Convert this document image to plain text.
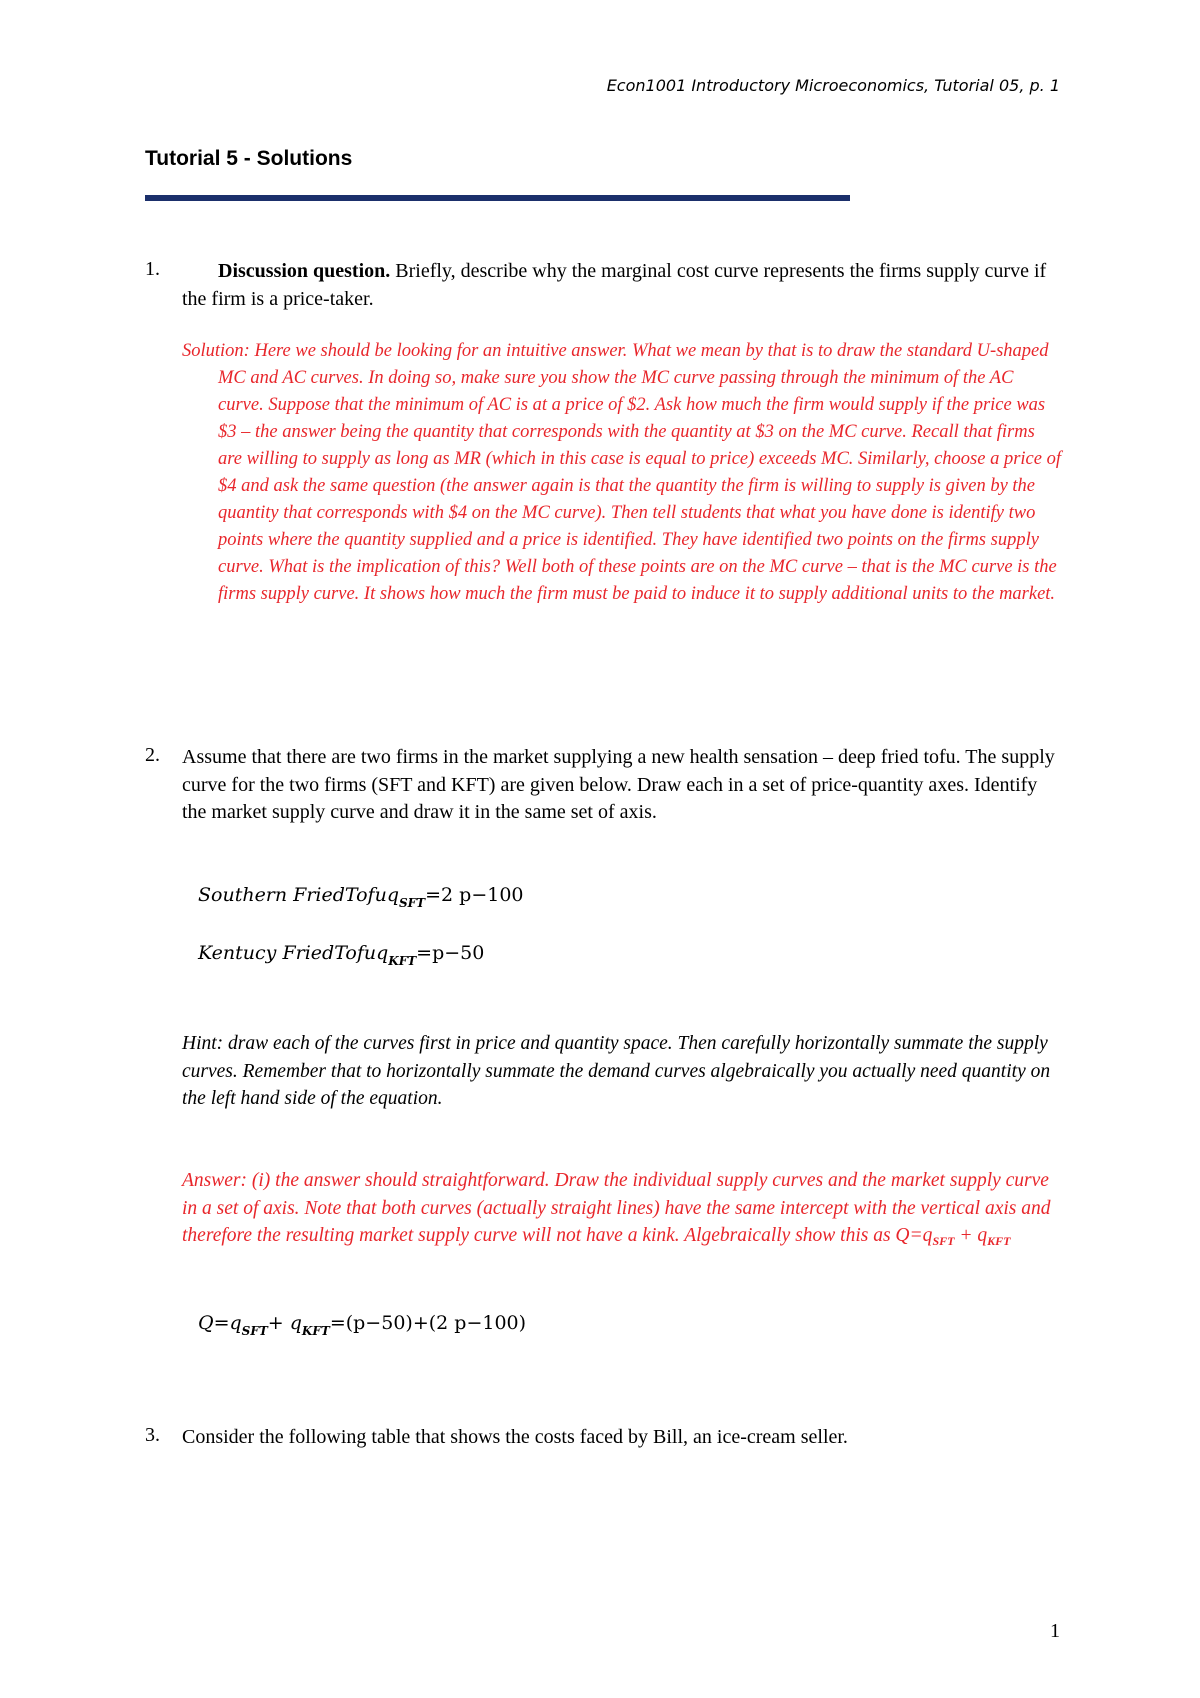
Econ1001 Introductory Microeconomics, Tutorial 05, p. 1
Tutorial 5 - Solutions
1.	Discussion question. Briefly, describe why the marginal cost curve represents the firms supply curve if the firm is a price-taker.
Solution: Here we should be looking for an intuitive answer. What we mean by that is to draw the standard U-shaped MC and AC curves. In doing so, make sure you show the MC curve passing through the minimum of the AC curve. Suppose that the minimum of AC is at a price of $2. Ask how much the firm would supply if the price was $3 – the answer being the quantity that corresponds with the quantity at $3 on the MC curve. Recall that firms are willing to supply as long as MR (which in this case is equal to price) exceeds MC. Similarly, choose a price of $4 and ask the same question (the answer again is that the quantity the firm is willing to supply is given by the quantity that corresponds with $4 on the MC curve). Then tell students that what you have done is identify two points where the quantity supplied and a price is identified. They have identified two points on the firms supply curve. What is the implication of this? Well both of these points are on the MC curve – that is the MC curve is the firms supply curve. It shows how much the firm must be paid to induce it to supply additional units to the market.
2. Assume that there are two firms in the market supplying a new health sensation – deep fried tofu. The supply curve for the two firms (SFT and KFT) are given below. Draw each in a set of price-quantity axes. Identify the market supply curve and draw it in the same set of axis.
Southern FriedTofuq$_{SFT}$=2 p−100
Kentucy FriedTofuq$_{KFT}$=p−50
Hint: draw each of the curves first in price and quantity space. Then carefully horizontally summate the supply curves. Remember that to horizontally summate the demand curves algebraically you actually need quantity on the left hand side of the equation.
Answer: (i) the answer should straightforward. Draw the individual supply curves and the market supply curve in a set of axis. Note that both curves (actually straight lines) have the same intercept with the vertical axis and therefore the resulting market supply curve will not have a kink. Algebraically show this as $Q=q_{SFT} + q_{KFT}$
$Q=q_{SFT}+ q_{KFT}=(p-50)+(2$ p−100)
3. Consider the following table that shows the costs faced by Bill, an ice-cream seller.
1
